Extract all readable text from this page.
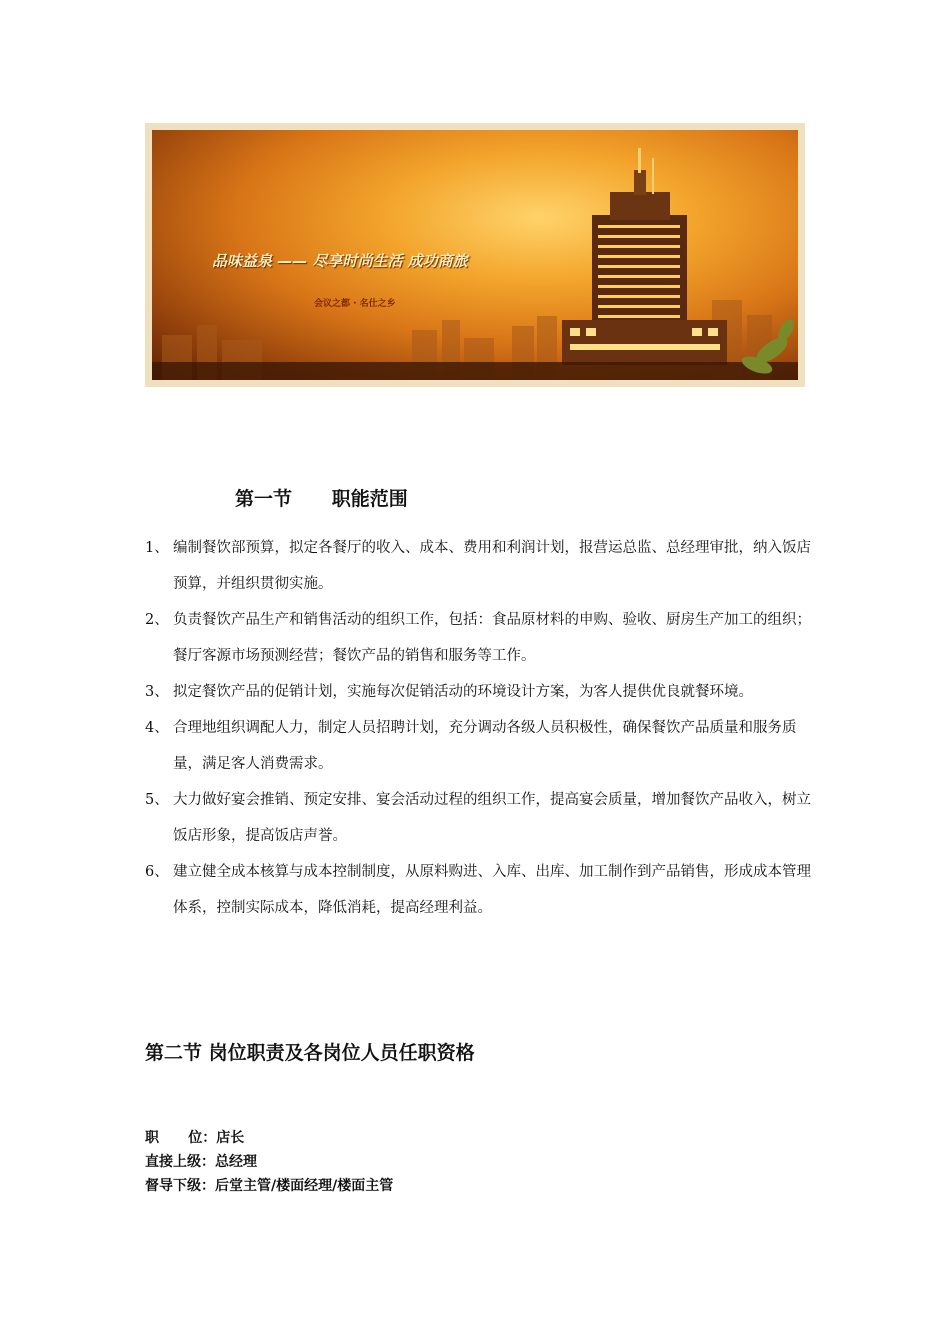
品味益泉 —— 尽享时尚生活 成功商旅
会议之都 · 名仕之乡
第一节      职能范围
1、 编制餐饮部预算，拟定各餐厅的收入、成本、费用和利润计划，报营运总监、总经理审批，纳入饭店预算，并组织贯彻实施。
2、 负责餐饮产品生产和销售活动的组织工作，包括：食品原材料的申购、验收、厨房生产加工的组织；餐厅客源市场预测经营；餐饮产品的销售和服务等工作。
3、 拟定餐饮产品的促销计划，实施每次促销活动的环境设计方案，为客人提供优良就餐环境。
4、 合理地组织调配人力，制定人员招聘计划，充分调动各级人员积极性，确保餐饮产品质量和服务质量，满足客人消费需求。
5、 大力做好宴会推销、预定安排、宴会活动过程的组织工作，提高宴会质量，增加餐饮产品收入，树立饭店形象，提高饭店声誉。
6、 建立健全成本核算与成本控制制度，从原料购进、入库、出库、加工制作到产品销售，形成成本管理体系，控制实际成本，降低消耗，提高经理利益。
第二节 岗位职责及各岗位人员任职资格
职      位：店长
直接上级：总经理
督导下级：后堂主管/楼面经理/楼面主管
